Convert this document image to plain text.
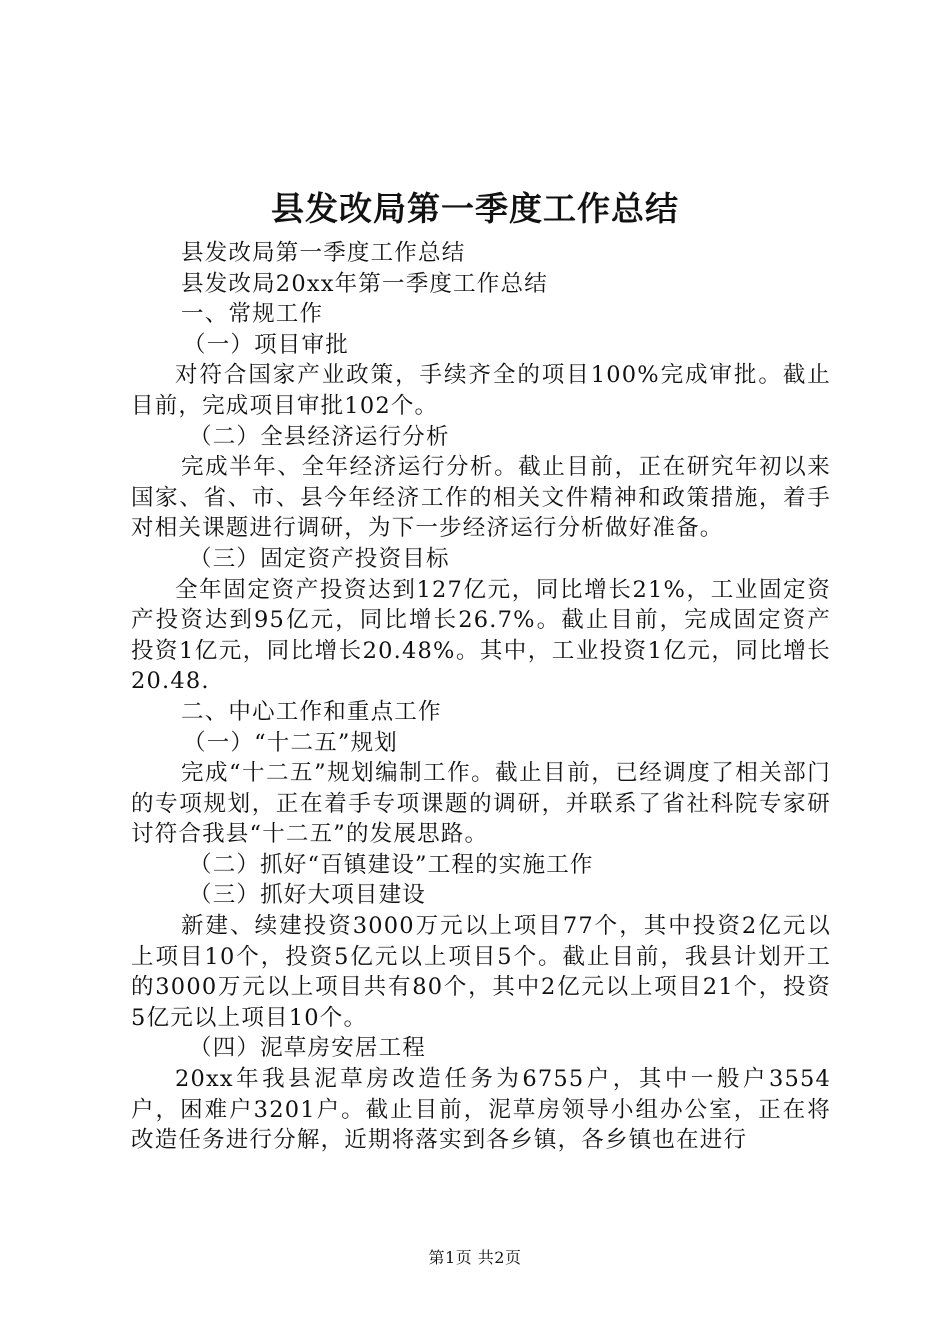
县发改局第一季度工作总结

县发改局第一季度工作总结

县发改局20xx年第一季度工作总结

一、常规工作

（一）项目审批

对符合国家产业政策，手续齐全的项目100%完成审批。截止目前，完成项目审批102个。

（二）全县经济运行分析

完成半年、全年经济运行分析。截止目前，正在研究年初以来国家、省、市、县今年经济工作的相关文件精神和政策措施，着手对相关课题进行调研，为下一步经济运行分析做好准备。

（三）固定资产投资目标

全年固定资产投资达到127亿元，同比增长21%，工业固定资产投资达到95亿元，同比增长26.7%。截止目前，完成固定资产投资1亿元，同比增长20.48%。其中，工业投资1亿元，同比增长20.48.

二、中心工作和重点工作

（一）“十二五”规划

完成“十二五”规划编制工作。截止目前，已经调度了相关部门的专项规划，正在着手专项课题的调研，并联系了省社科院专家研讨符合我县“十二五”的发展思路。

（二）抓好“百镇建设”工程的实施工作

（三）抓好大项目建设

新建、续建投资3000万元以上项目77个，其中投资2亿元以上项目10个，投资5亿元以上项目5个。截止目前，我县计划开工的3000万元以上项目共有80个，其中2亿元以上项目21个，投资5亿元以上项目10个。

（四）泥草房安居工程

20xx年我县泥草房改造任务为6755户，其中一般户3554户，困难户3201户。截止目前，泥草房领导小组办公室，正在将改造任务进行分解，近期将落实到各乡镇，各乡镇也在进行

第1页 共2页
